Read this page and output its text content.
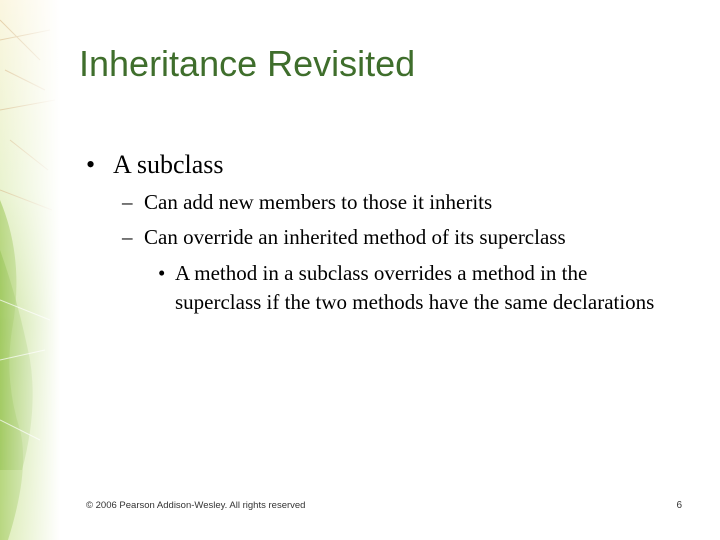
Inheritance Revisited
• A subclass
– Can add new members to those it inherits
– Can override an inherited method of its superclass
• A method in a subclass overrides a method in the superclass if the two methods have the same declarations
© 2006 Pearson Addison-Wesley. All rights reserved	6
